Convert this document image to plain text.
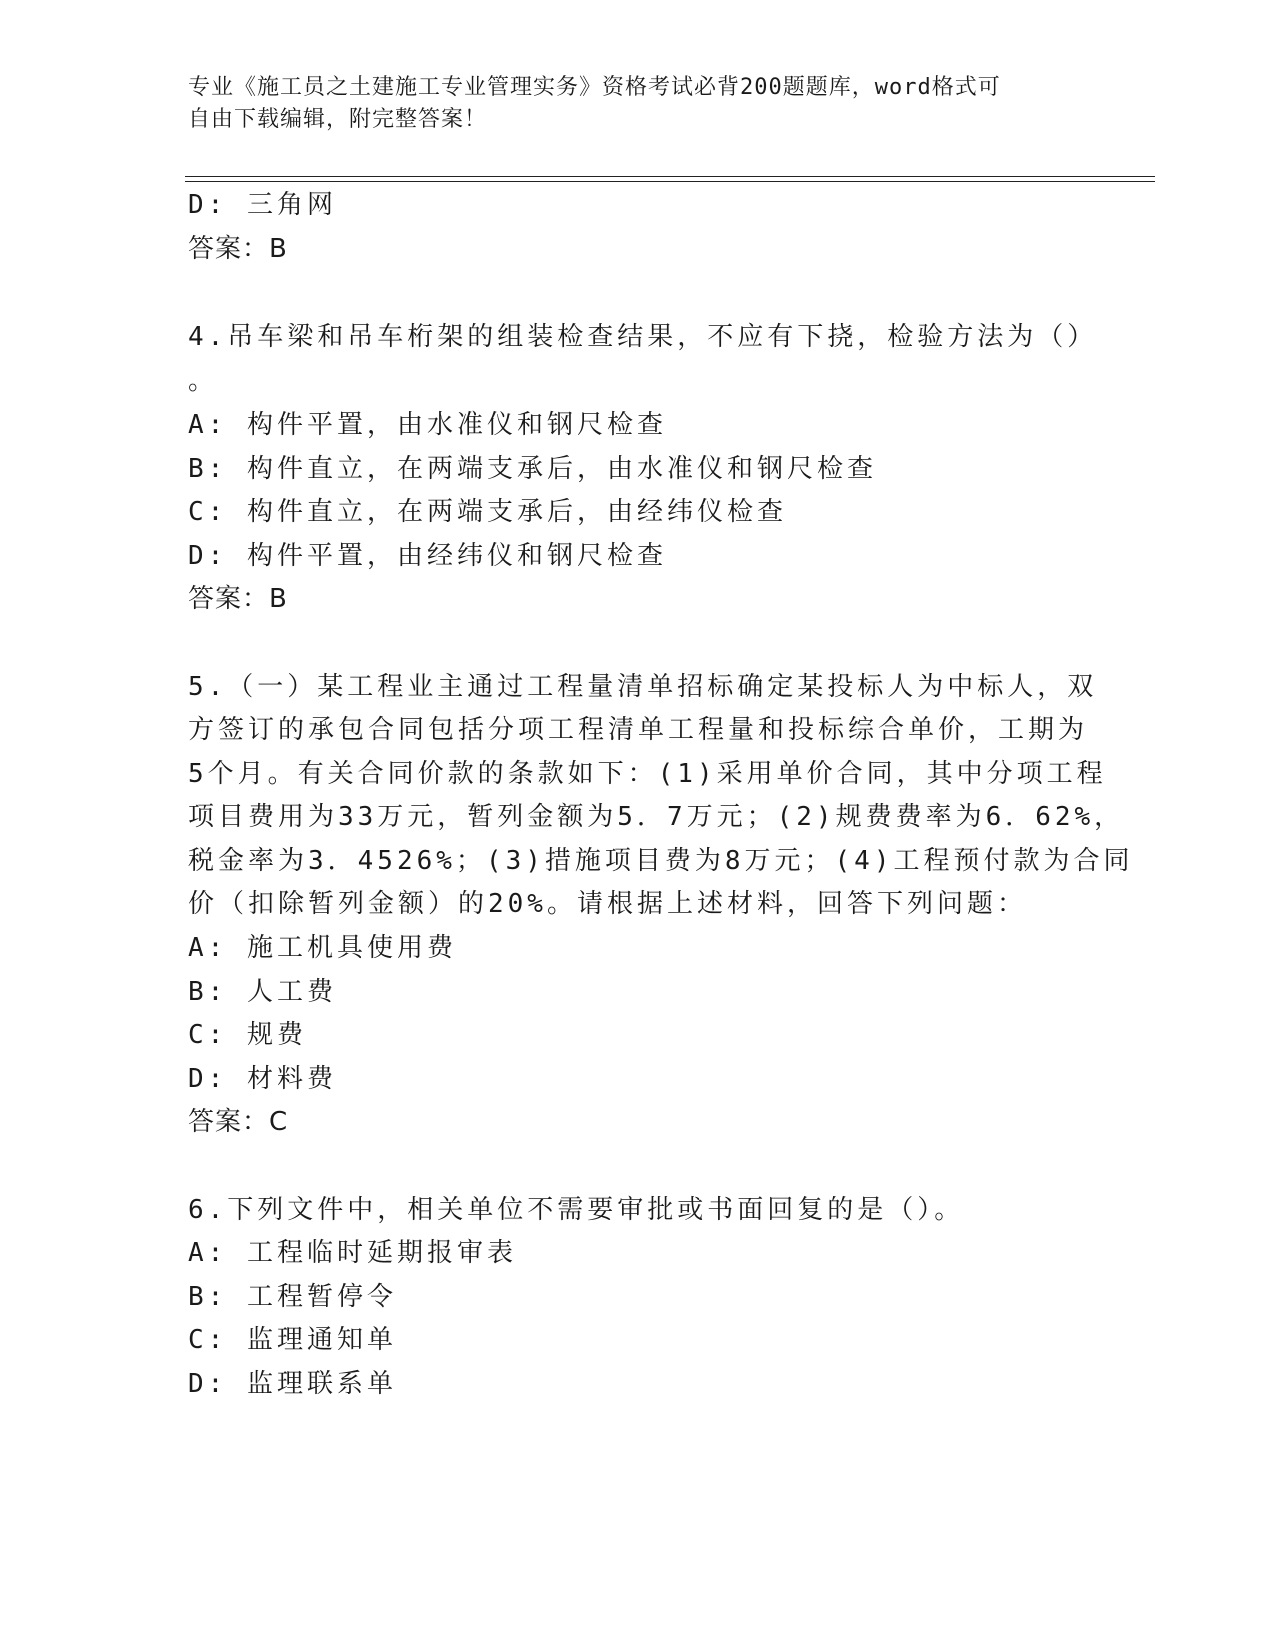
专业《施工员之土建施工专业管理实务》资格考试必背200题题库，word格式可
自由下载编辑，附完整答案！
D: 三角网
答案：B
4.吊车梁和吊车桁架的组装检查结果，不应有下挠，检验方法为（）
。
A: 构件平置，由水准仪和钢尺检查
B: 构件直立，在两端支承后，由水准仪和钢尺检查
C: 构件直立，在两端支承后，由经纬仪检查
D: 构件平置，由经纬仪和钢尺检查
答案：B
5.（一）某工程业主通过工程量清单招标确定某投标人为中标人，双
方签订的承包合同包括分项工程清单工程量和投标综合单价，工期为
5个月。有关合同价款的条款如下：(1)采用单价合同，其中分项工程
项目费用为33万元，暂列金额为5．7万元；(2)规费费率为6．62%，
税金率为3．4526%；(3)措施项目费为8万元；(4)工程预付款为合同
价（扣除暂列金额）的20%。请根据上述材料，回答下列问题：
A: 施工机具使用费
B: 人工费
C: 规费
D: 材料费
答案：C
6.下列文件中，相关单位不需要审批或书面回复的是（）。
A: 工程临时延期报审表
B: 工程暂停令
C: 监理通知单
D: 监理联系单
